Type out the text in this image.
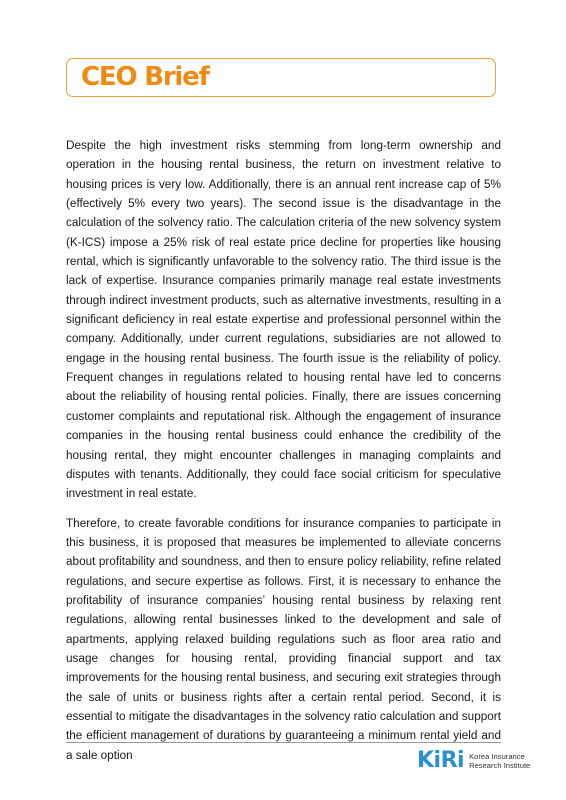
CEO Brief

Despite the high investment risks stemming from long-term ownership and operation in the housing rental business, the return on investment relative to housing prices is very low. Additionally, there is an annual rent increase cap of 5% (effectively 5% every two years). The second issue is the disadvantage in the calculation of the solvency ratio. The calculation criteria of the new solvency system (K-ICS) impose a 25% risk of real estate price decline for properties like housing rental, which is significantly unfavorable to the solvency ratio. The third issue is the lack of expertise. Insurance companies primarily manage real estate investments through indirect investment products, such as alternative investments, resulting in a significant deficiency in real estate expertise and professional personnel within the company. Additionally, under current regulations, subsidiaries are not allowed to engage in the housing rental business. The fourth issue is the reliability of policy. Frequent changes in regulations related to housing rental have led to concerns about the reliability of housing rental policies. Finally, there are issues concerning customer complaints and reputational risk. Although the engagement of insurance companies in the housing rental business could enhance the credibility of the housing rental, they might encounter challenges in managing complaints and disputes with tenants. Additionally, they could face social criticism for speculative investment in real estate.

Therefore, to create favorable conditions for insurance companies to participate in this business, it is proposed that measures be implemented to alleviate concerns about profitability and soundness, and then to ensure policy reliability, refine related regulations, and secure expertise as follows. First, it is necessary to enhance the profitability of insurance companies’ housing rental business by relaxing rent regulations, allowing rental businesses linked to the development and sale of apartments, applying relaxed building regulations such as floor area ratio and usage changes for housing rental, providing financial support and tax improvements for the housing rental business, and securing exit strategies through the sale of units or business rights after a certain rental period. Second, it is essential to mitigate the disadvantages in the solvency ratio calculation and support the efficient management of durations by guaranteeing a minimum rental yield and a sale option	KiRi Korea Insurance
Research Institute
